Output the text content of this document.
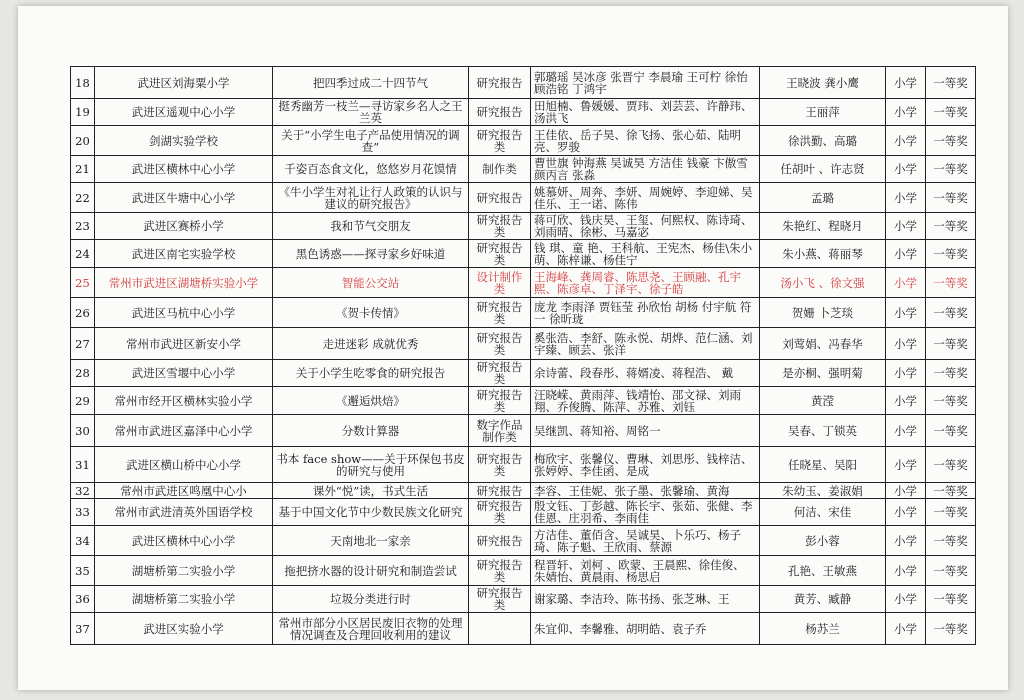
18	武进区刘海粟小学	把四季过成二十四节气	研究报告	郭璐瑶 吴冰彦 张晋宁 李晨瑜 王可柠 徐怡 顾浩铭 丁鸿宇	王晓波 龚小鹰	小学	一等奖
19	武进区遥观中心小学	挺秀幽芳一枝兰—寻访家乡名人之王兰英	研究报告	田旭楠、鲁媛媛、贾玮、刘芸芸、许静玮、汤洪飞	王丽萍	小学	一等奖
20	剑湖实验学校	关于“小学生电子产品使用情况的调查”	研究报告类	王佳依、岳子昊、徐飞扬、张心茹、陆明亮、罗骏	徐洪勤、高璐	小学	一等奖
21	武进区横林中心小学	千姿百态食文化，悠悠岁月花馍情	制作类	曹世旗 钟海燕 吴诚昊 方洁佳 钱豪 卞傲雪 颜丙言 张淼	任胡叶 、许志贤	小学	一等奖
22	武进区牛塘中心小学	《牛小学生对礼让行人政策的认识与建议的研究报告》	研究报告	姚慕妍、周奔、李妍、周婉婷、李迎娣、吴佳乐、王一诺、陈伟	孟璐	小学	一等奖
23	武进区赛桥小学	我和节气交朋友	研究报告类	蒋可欣、钱庆昊、王玺、何熙权、陈诗琦、刘雨晴、徐彬、马嘉宓	朱艳红、程晓月	小学	一等奖
24	武进区南宅实验学校	黑色诱惑——探寻家乡好味道	研究报告类	钱 琪、童 艳、王科航、王宪杰、杨佳\朱小萌、陈梓谦、杨佳宁	朱小燕、蒋丽琴	小学	一等奖
25	常州市武进区湖塘桥实验小学	智能公交站	设计制作类	王海峰、龚周睿、陈思尧、王顾融、孔宇熙、陈彦卓、丁泽宇、徐子皓	汤小飞 、徐文强	小学	一等奖
26	武进区马杭中心小学	《贺卡传情》	研究报告类	庞龙 李雨泽 贾钰莹 孙欣怡 胡杨 付宇航 符一 徐昕珑	贺姗 卜芝琰	小学	一等奖
27	常州市武进区新安小学	走进迷彩 成就优秀	研究报告类	奚张浩、李舒、陈永悦、胡烨、范仁涵、刘宇臻、顾芸、张洋	刘莺娟、冯春华	小学	一等奖
28	武进区雪堰中心小学	关于小学生吃零食的研究报告	研究报告类	余诗蕾、段春彤、蒋婿凌、蒋程浩、 戴	是亦桐、强明菊	小学	一等奖
29	常州市经开区横林实验小学	《邂逅烘焙》	研究报告类	汪晓嵘、黄雨萍、钱靖怡、邵文禄、刘雨翔、乔俊腾、陈萍、苏雅、刘钰	黄滢	小学	一等奖
30	常州市武进区嘉泽中心小学	分数计算器	数字作品制作类	吴继凯、蒋知裕、周铭一	吴春、丁锁英	小学	一等奖
31	武进区横山桥中心小学	书本 face show——关于环保包书皮的研究与使用	研究报告类	梅欣宇、张馨仪、曹琳、刘思彤、钱梓洁、张婷婷、李佳函、是成	任晓星、吴阳	小学	一等奖
32	常州市武进区鸣凰中心小	课外“悦”读，书式生活	研究报告	李容、王佳妮、张子墨、张馨瑜、黄海	朱幼玉、姜淑娟	小学	一等奖
33	常州市武进清英外国语学校	基于中国文化节中少数民族文化研究	研究报告类	殷文钰、丁彭越、陈长宇、张茹、张健、李佳恩、庄羽希、李雨佳	何洁、宋佳	小学	一等奖
34	武进区横林中心小学	天南地北一家亲	研究报告	方洁佳、董佰含、吴诚昊、卜乐巧、杨子琦、陈子魁、王欣雨、蔡源	彭小蓉	小学	一等奖
35	湖塘桥第二实验小学	拖把挤水器的设计研究和制造尝试	研究报告类	程晋轩、刘柯 、欧蒙、王晨熙、徐佳俊、朱婧怡、黄晨雨、杨思启	孔艳、王敏燕	小学	一等奖
36	湖塘桥第二实验小学	垃圾分类进行时	研究报告类	谢家璐、李洁玲、陈书扬、张芝琳、王	黄芳、臧静	小学	一等奖
37	武进区实验小学	常州市部分小区居民废旧衣物的处理情况调查及合理回收利用的建议		朱宜仰、李馨雅、胡明皓、袁子乔	杨苏兰	小学	一等奖
